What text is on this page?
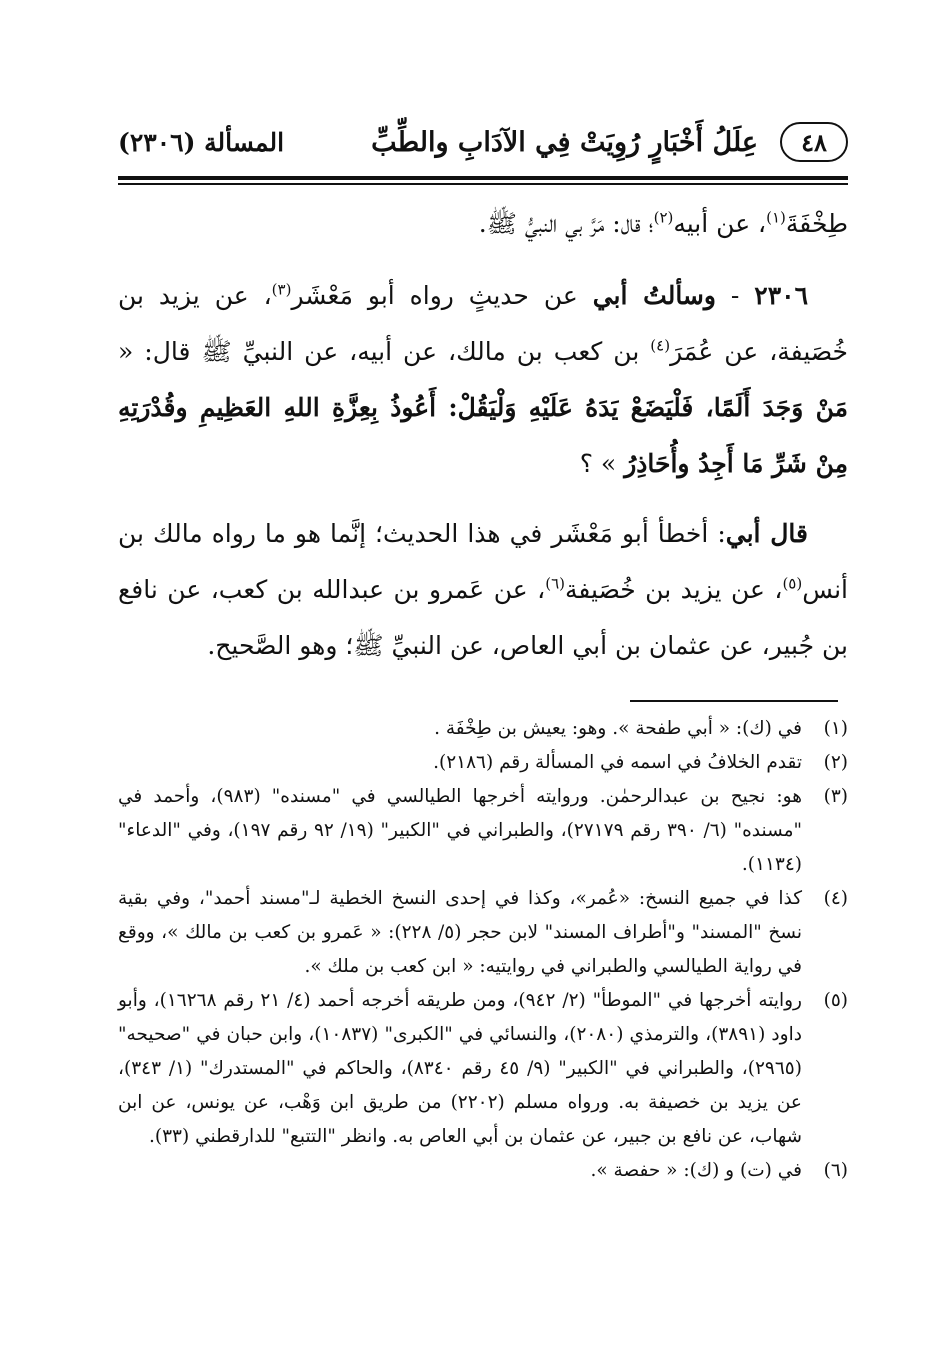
٤٨
عِلَلُ أَخْبَارٍ رُوِيَتْ فِي الآدَابِ والطِّبِّ
المسألة (٢٣٠٦)

طِخْفَةَ$^{(١)}$، عن أبيه$^{(٢)}$؛ قال: مَرَّ بي النبيُّ ﷺ.

٢٣٠٦ - وسألتُ أبي عن حديثٍ رواه أبو مَعْشَر$^{(٣)}$، عن يزيد بن خُصَيفة، عن عُمَرَ$^{(٤)}$ بن كعب بن مالك، عن أبيه، عن النبيِّ ﷺ قال: « مَنْ وَجَدَ أَلَمًا، فَلْيَضَعْ يَدَهُ عَلَيْهِ وَلْيَقُلْ: أَعُوذُ بِعِزَّةِ اللهِ العَظِيمِ وقُدْرَتِهِ مِنْ شَرِّ مَا أَجِدُ وأُحَاذِرُ » ؟

قال أبي: أخطأ أبو مَعْشَر في هذا الحديث؛ إنَّما هو ما رواه مالك بن أنس$^{(٥)}$، عن يزيد بن خُصَيفة$^{(٦)}$، عن عَمرو بن عبدالله بن كعب، عن نافع بن جُبير، عن عثمان بن أبي العاص، عن النبيِّ ﷺ؛ وهو الصَّحيح.

(١)
في (ك): « أبي طفحة ». وهو: يعيش بن طِخْفَة .
(٢)
تقدم الخلافُ في اسمه في المسألة رقم (٢١٨٦).
(٣)
هو: نجيح بن عبدالرحمٰن. وروايته أخرجها الطيالسي في "مسنده" (٩٨٣)، وأحمد في "مسنده" (٦/ ٣٩٠ رقم ٢٧١٧٩)، والطبراني في "الكبير" (١٩/ ٩٢ رقم ١٩٧)، وفي "الدعاء" (١١٣٤).
(٤)
كذا في جميع النسخ: «عُمر»، وكذا في إحدى النسخ الخطية لـ"مسند أحمد"، وفي بقية نسخ "المسند" و"أطراف المسند" لابن حجر (٥/ ٢٢٨): « عَمرو بن كعب بن مالك »، ووقع في رواية الطيالسي والطبراني في روايتيه: « ابن كعب بن ملك ».
(٥)
روايته أخرجها في "الموطأ" (٢/ ٩٤٢)، ومن طريقه أخرجه أحمد (٤/ ٢١ رقم ١٦٢٦٨)، وأبو داود (٣٨٩١)، والترمذي (٢٠٨٠)، والنسائي في "الكبرى" (١٠٨٣٧)، وابن حبان في "صحيحه" (٢٩٦٥)، والطبراني في "الكبير" (٩/ ٤٥ رقم ٨٣٤٠)، والحاكم في "المستدرك" (١/ ٣٤٣)، عن يزيد بن خصيفة به. ورواه مسلم (٢٢٠٢) من طريق ابن وَهْب، عن يونس، عن ابن شهاب، عن نافع بن جبير، عن عثمان بن أبي العاص به. وانظر "التتبع" للدارقطني (٣٣).
(٦)
في (ت) و (ك): « حفصة ».
